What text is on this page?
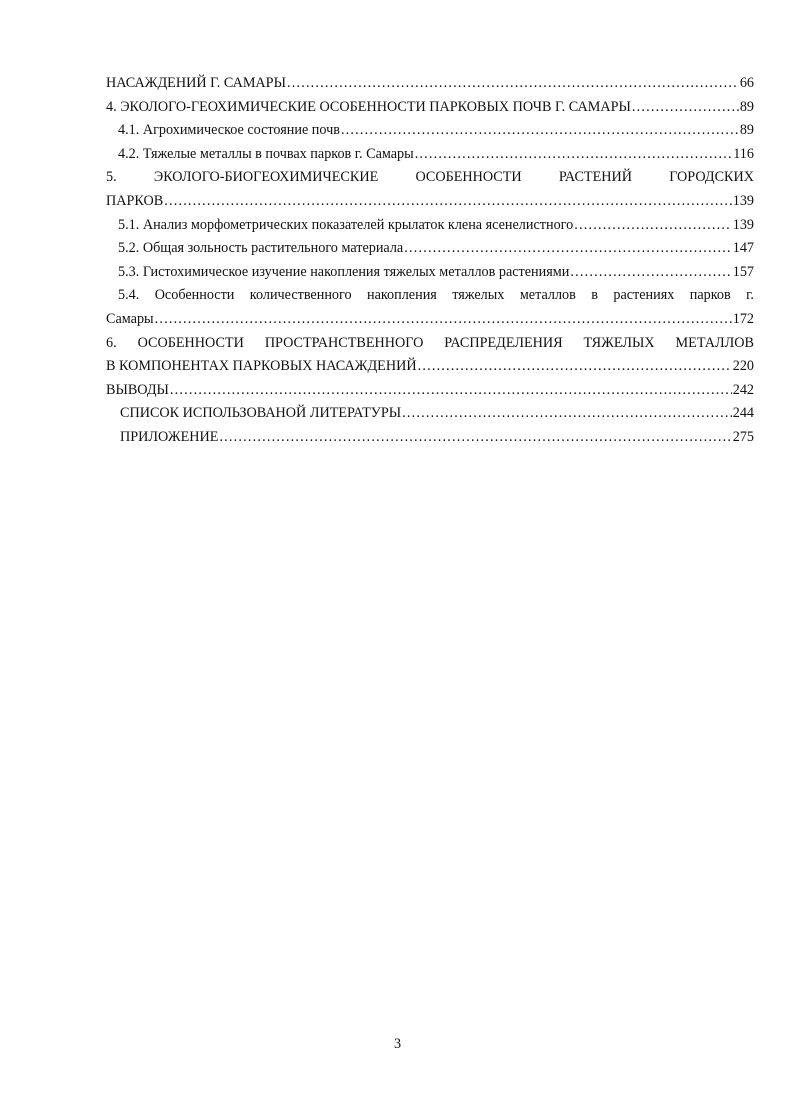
НАСАЖДЕНИЙ Г. САМАРЫ .....	66
4. ЭКОЛОГО-ГЕОХИМИЧЕСКИЕ ОСОБЕННОСТИ ПАРКОВЫХ ПОЧВ Г. САМАРЫ .....	89
4.1. Агрохимическое состояние почв .....	89
4.2. Тяжелые металлы в почвах парков г. Самары .....	116
5.	ЭКОЛОГО-БИОГЕОХИМИЧЕСКИЕ	ОСОБЕННОСТИ	РАСТЕНИЙ	ГОРОДСКИХ
ПАРКОВ .....	139
5.1. Анализ морфометрических показателей крылаток клена ясенелистного .....	139
5.2. Общая зольность растительного материала .....	147
5.3. Гистохимическое изучение накопления тяжелых металлов растениями .....	157
5.4. Особенности количественного накопления тяжелых металлов в растениях парков г.
Самары .....	172
6. ОСОБЕННОСТИ ПРОСТРАНСТВЕННОГО РАСПРЕДЕЛЕНИЯ ТЯЖЕЛЫХ МЕТАЛЛОВ
В КОМПОНЕНТАХ ПАРКОВЫХ НАСАЖДЕНИЙ .....	220
ВЫВОДЫ .....	242
СПИСОК ИСПОЛЬЗОВАНОЙ ЛИТЕРАТУРЫ .....	244
ПРИЛОЖЕНИЕ .....	275
3
